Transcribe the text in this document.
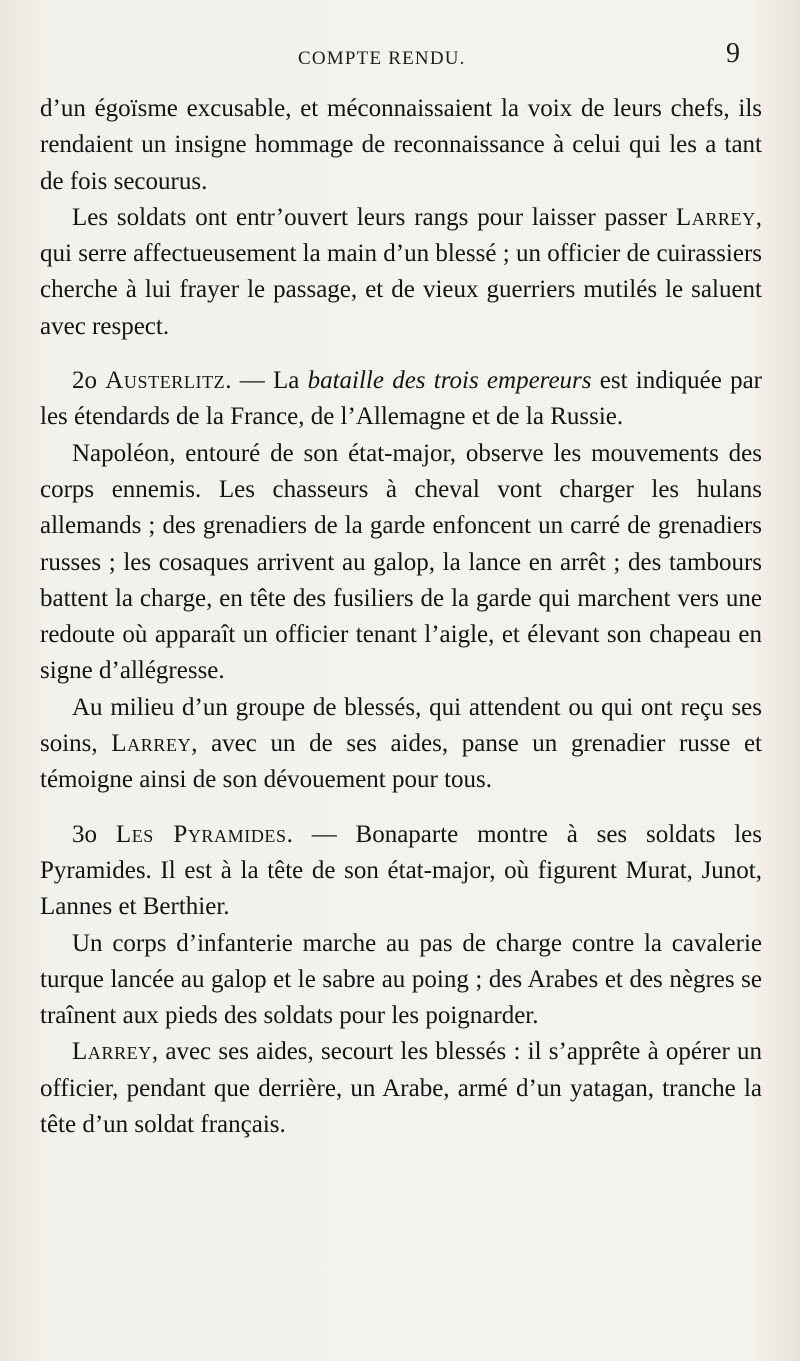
COMPTE RENDU.	9

d’un égoïsme excusable, et méconnaissaient la voix de leurs chefs, ils rendaient un insigne hommage de reconnaissance à celui qui les a tant de fois secourus.

Les soldats ont entr’ouvert leurs rangs pour laisser passer Larrey, qui serre affectueusement la main d’un blessé ; un officier de cuirassiers cherche à lui frayer le passage, et de vieux guerriers mutilés le saluent avec respect.

2o Austerlitz. — La bataille des trois empereurs est indiquée par les étendards de la France, de l’Allemagne et de la Russie.

Napoléon, entouré de son état-major, observe les mouvements des corps ennemis. Les chasseurs à cheval vont charger les hulans allemands ; des grenadiers de la garde enfoncent un carré de grenadiers russes ; les cosaques arrivent au galop, la lance en arrêt ; des tambours battent la charge, en tête des fusiliers de la garde qui marchent vers une redoute où apparaît un officier tenant l’aigle, et élevant son chapeau en signe d’allégresse.

Au milieu d’un groupe de blessés, qui attendent ou qui ont reçu ses soins, Larrey, avec un de ses aides, panse un grenadier russe et témoigne ainsi de son dévouement pour tous.

3o Les Pyramides. — Bonaparte montre à ses soldats les Pyramides. Il est à la tête de son état-major, où figurent Murat, Junot, Lannes et Berthier.

Un corps d’infanterie marche au pas de charge contre la cavalerie turque lancée au galop et le sabre au poing ; des Arabes et des nègres se traînent aux pieds des soldats pour les poignarder.

Larrey, avec ses aides, secourt les blessés : il s’apprête à opérer un officier, pendant que derrière, un Arabe, armé d’un yatagan, tranche la tête d’un soldat français.
